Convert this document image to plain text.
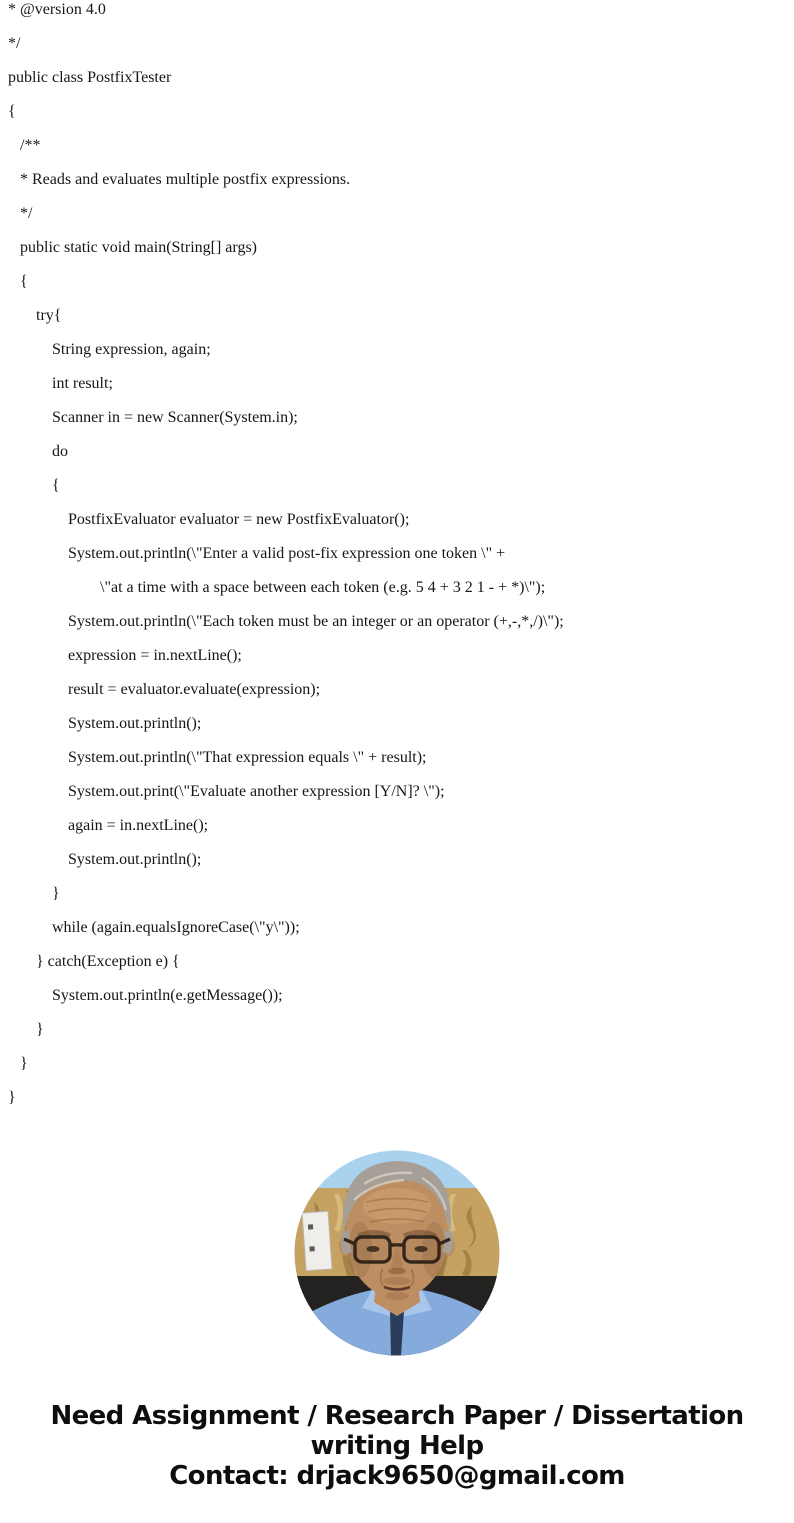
* @version 4.0
*/
public class PostfixTester
{
/**
* Reads and evaluates multiple postfix expressions.
*/
public static void main(String[] args)
{
try{
String expression, again;
int result;
Scanner in = new Scanner(System.in);
do
{
PostfixEvaluator evaluator = new PostfixEvaluator();
System.out.println(\"Enter a valid post-fix expression one token \" +
\"at a time with a space between each token (e.g. 5 4 + 3 2 1 - + *)\");
System.out.println(\"Each token must be an integer or an operator (+,-,*,/)\");
expression = in.nextLine();
result = evaluator.evaluate(expression);
System.out.println();
System.out.println(\"That expression equals \" + result);
System.out.print(\"Evaluate another expression [Y/N]? \");
again = in.nextLine();
System.out.println();
}
while (again.equalsIgnoreCase(\"y\"));
} catch(Exception e) {
System.out.println(e.getMessage());
}
}
}
Need Assignment / Research Paper / Dissertation
writing Help
Contact: drjack9650@gmail.com
